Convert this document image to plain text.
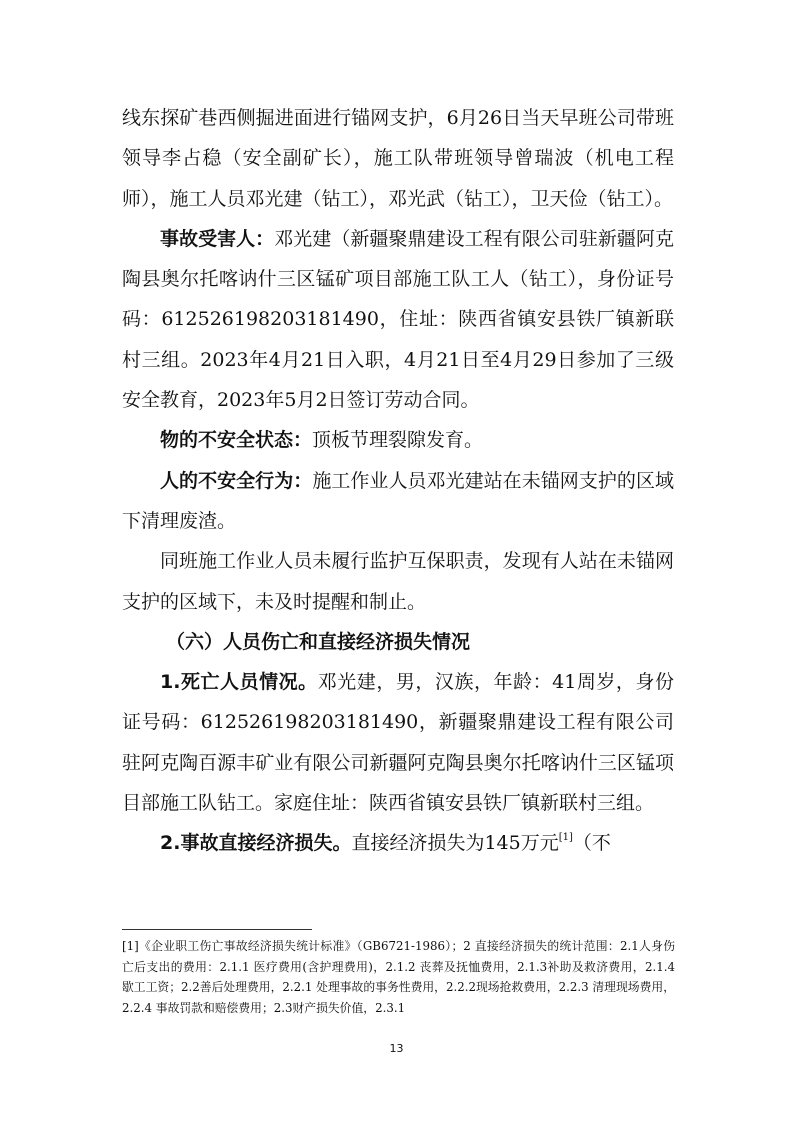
线东探矿巷西侧掘进面进行锚网支护，6月26日当天早班公司带班领导李占稳（安全副矿长），施工队带班领导曾瑞波（机电工程师），施工人员邓光建（钻工），邓光武（钻工），卫天俭（钻工）。

事故受害人：邓光建（新疆聚鼎建设工程有限公司驻新疆阿克陶县奥尔托喀讷什三区锰矿项目部施工队工人（钻工），身份证号码：612526198203181490，住址：陕西省镇安县铁厂镇新联村三组。2023年4月21日入职，4月21日至4月29日参加了三级安全教育，2023年5月2日签订劳动合同。

物的不安全状态：顶板节理裂隙发育。

人的不安全行为：施工作业人员邓光建站在未锚网支护的区域下清理废渣。

同班施工作业人员未履行监护互保职责，发现有人站在未锚网支护的区域下，未及时提醒和制止。

（六）人员伤亡和直接经济损失情况

1.死亡人员情况。邓光建，男，汉族，年龄：41周岁，身份证号码：612526198203181490，新疆聚鼎建设工程有限公司驻阿克陶百源丰矿业有限公司新疆阿克陶县奥尔托喀讷什三区锰项目部施工队钻工。家庭住址：陕西省镇安县铁厂镇新联村三组。

2.事故直接经济损失。直接经济损失为145万元[1]（不

[1]《企业职工伤亡事故经济损失统计标准》（GB6721-1986）；2 直接经济损失的统计范围：2.1人身伤亡后支出的费用：2.1.1 医疗费用(含护理费用)，2.1.2 丧葬及抚恤费用，2.1.3补助及救济费用，2.1.4 歇工工资；2.2善后处理费用，2.2.1 处理事故的事务性费用，2.2.2现场抢救费用，2.2.3 清理现场费用，2.2.4 事故罚款和赔偿费用；2.3财产损失价值，2.3.1

13
